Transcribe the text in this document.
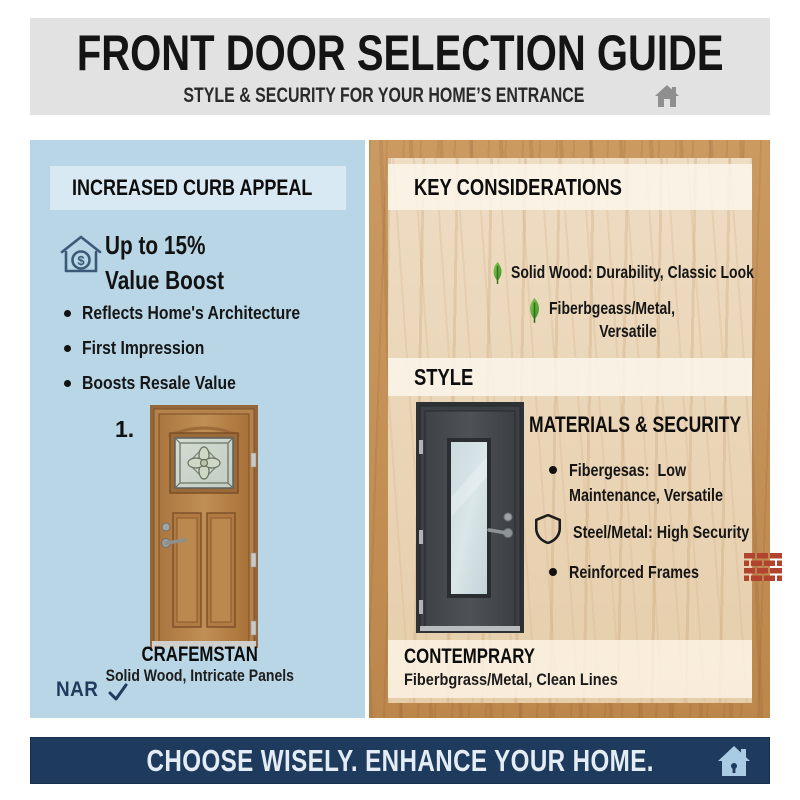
FRONT DOOR SELECTION GUIDE
STYLE & SECURITY FOR YOUR HOME’S ENTRANCE
INCREASED CURB APPEAL
$
Up to 15%
Value Boost
Reflects Home's Architecture
First Impression
Boosts Resale Value
1.
CRAFEMSTAN
Solid Wood, Intricate Panels
NAR
KEY CONSIDERATIONS
Solid Wood: Durability, Classic Look
Fiberbgeass/Metal,
Versatile
STYLE
MATERIALS & SECURITY
Fibergesas:  Low
Maintenance, Versatile
Steel/Metal: High Security
Reinforced Frames
CONTEMPRARY
Fiberbgrass/Metal, Clean Lines
CHOOSE WISELY. ENHANCE YOUR HOME.
